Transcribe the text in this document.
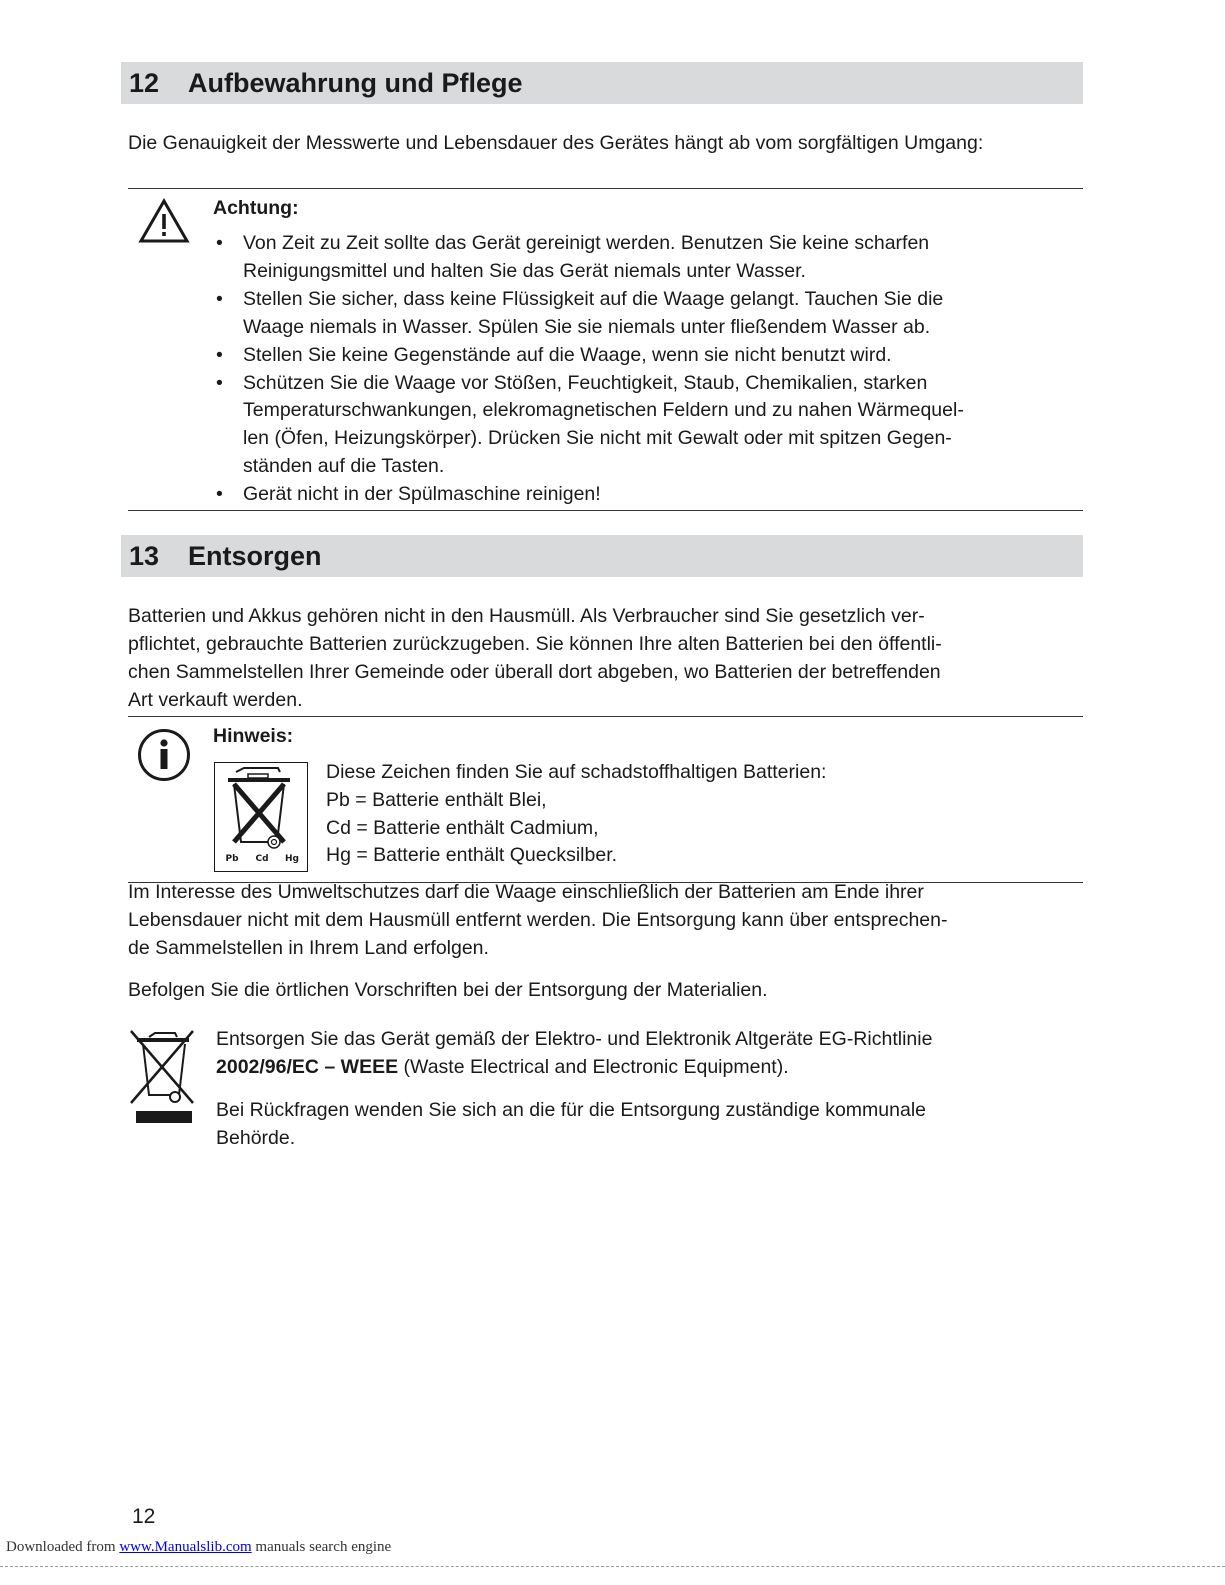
12 Aufbewahrung und Pflege

Die Genauigkeit der Messwerte und Lebensdauer des Gerätes hängt ab vom sorgfältigen Umgang:

Achtung:
• Von Zeit zu Zeit sollte das Gerät gereinigt werden. Benutzen Sie keine scharfen
Reinigungsmittel und halten Sie das Gerät niemals unter Wasser.
• Stellen Sie sicher, dass keine Flüssigkeit auf die Waage gelangt. Tauchen Sie die
Waage niemals in Wasser. Spülen Sie sie niemals unter fließendem Wasser ab.
• Stellen Sie keine Gegenstände auf die Waage, wenn sie nicht benutzt wird.
• Schützen Sie die Waage vor Stößen, Feuchtigkeit, Staub, Chemikalien, starken
Temperaturschwankungen, elekromagnetischen Feldern und zu nahen Wärmequel-
len (Öfen, Heizungskörper). Drücken Sie nicht mit Gewalt oder mit spitzen Gegen-
ständen auf die Tasten.
• Gerät nicht in der Spülmaschine reinigen!
13 Entsorgen
Batterien und Akkus gehören nicht in den Hausmüll. Als Verbraucher sind Sie gesetzlich ver-
pflichtet, gebrauchte Batterien zurückzugeben. Sie können Ihre alten Batterien bei den öffentli-
chen Sammelstellen Ihrer Gemeinde oder überall dort abgeben, wo Batterien der betreffenden
Art verkauft werden.
Hinweis:
Pb Cd Hg
Diese Zeichen finden Sie auf schadstoffhaltigen Batterien:
Pb = Batterie enthält Blei,
Cd = Batterie enthält Cadmium,
Hg = Batterie enthält Quecksilber.
Im Interesse des Umweltschutzes darf die Waage einschließlich der Batterien am Ende ihrer
Lebensdauer nicht mit dem Hausmüll entfernt werden. Die Entsorgung kann über entsprechen-
de Sammelstellen in Ihrem Land erfolgen.

Befolgen Sie die örtlichen Vorschriften bei der Entsorgung der Materialien.

Entsorgen Sie das Gerät gemäß der Elektro- und Elektronik Altgeräte EG-Richtlinie
2002/96/EC – WEEE (Waste Electrical and Electronic Equipment).
Bei Rückfragen wenden Sie sich an die für die Entsorgung zuständige kommunale
Behörde.
12
Downloaded from www.Manualslib.com manuals search engine
